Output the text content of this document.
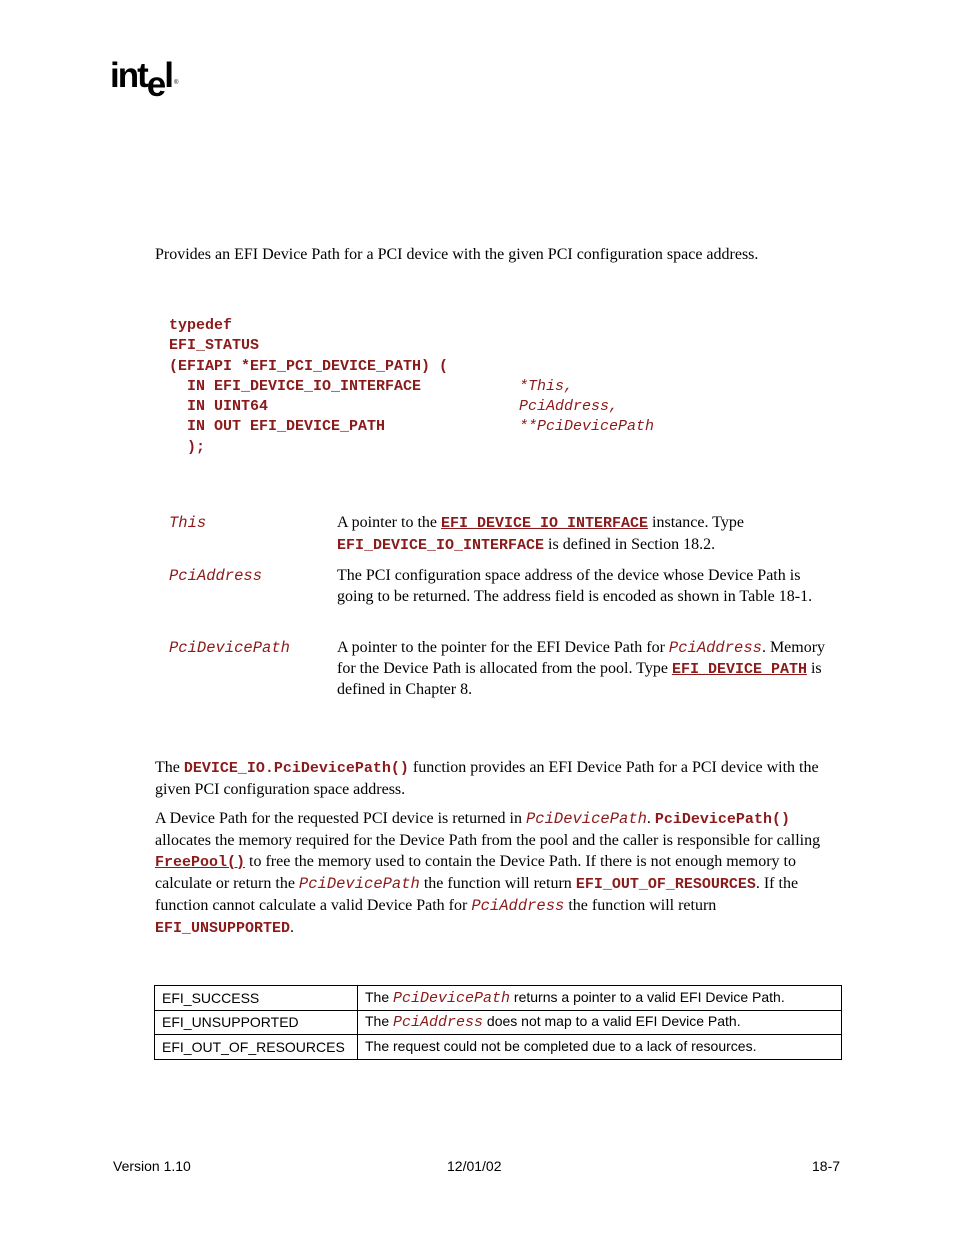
intel ®
Provides an EFI Device Path for a PCI device with the given PCI configuration space address.
typedef
EFI_STATUS
(EFIAPI *EFI_PCI_DEVICE_PATH) (
IN EFI_DEVICE_IO_INTERFACE	*This,
IN UINT64	PciAddress,
IN OUT EFI_DEVICE_PATH	**PciDevicePath
);
This	A pointer to the EFI_DEVICE_IO_INTERFACE instance. Type EFI_DEVICE_IO_INTERFACE is defined in Section 18.2.
PciAddress	The PCI configuration space address of the device whose Device Path is going to be returned. The address field is encoded as shown in Table 18-1.
PciDevicePath	A pointer to the pointer for the EFI Device Path for PciAddress. Memory for the Device Path is allocated from the pool. Type EFI_DEVICE_PATH is defined in Chapter 8.
The DEVICE_IO.PciDevicePath() function provides an EFI Device Path for a PCI device with the given PCI configuration space address.
A Device Path for the requested PCI device is returned in PciDevicePath. PciDevicePath() allocates the memory required for the Device Path from the pool and the caller is responsible for calling FreePool() to free the memory used to contain the Device Path. If there is not enough memory to calculate or return the PciDevicePath the function will return EFI_OUT_OF_RESOURCES. If the function cannot calculate a valid Device Path for PciAddress the function will return EFI_UNSUPPORTED.
EFI_SUCCESS	The PciDevicePath returns a pointer to a valid EFI Device Path.
EFI_UNSUPPORTED	The PciAddress does not map to a valid EFI Device Path.
EFI_OUT_OF_RESOURCES	The request could not be completed due to a lack of resources.
Version 1.10	12/01/02	18-7
